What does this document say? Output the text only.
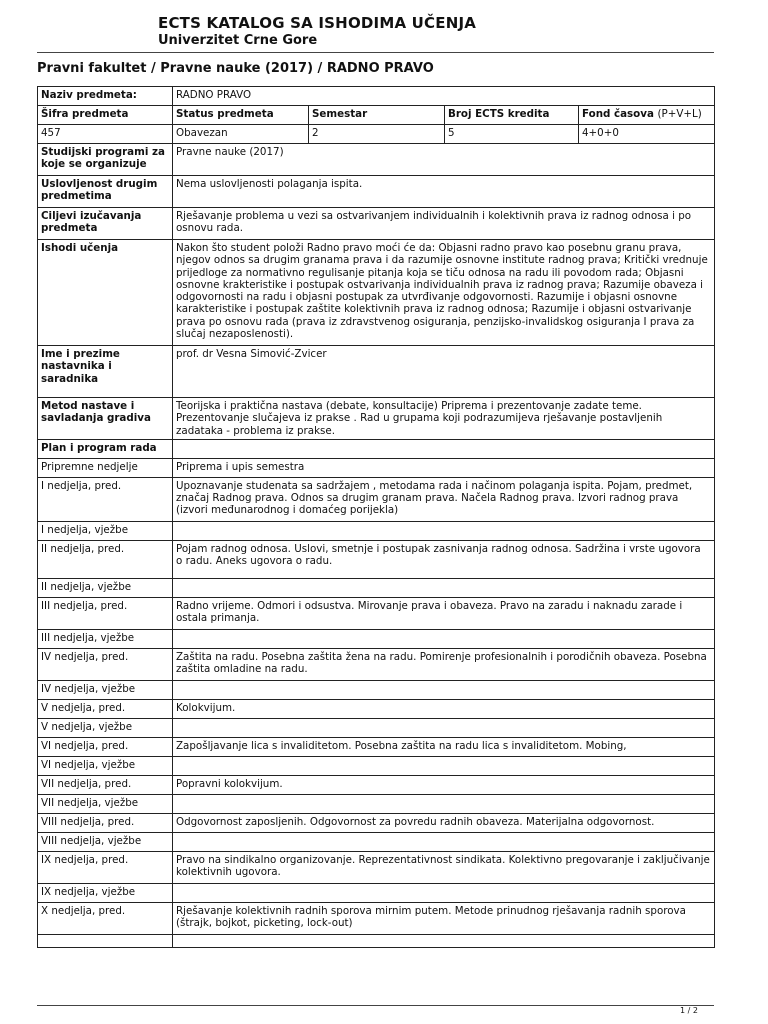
ECTS KATALOG SA ISHODIMA UČENJA
Univerzitet Crne Gore
Pravni fakultet / Pravne nauke (2017) / RADNO PRAVO
Naziv predmeta:	RADNO PRAVO			
Šifra predmeta	Status predmeta	Semestar	Broj ECTS kredita	Fond časova (P+V+L)
457	Obavezan	2	5	4+0+0
Studijski programi za koje se organizuje	Pravne nauke (2017)			
Uslovljenost drugim predmetima	Nema uslovljenosti polaganja ispita.			
Ciljevi izučavanja predmeta	Rješavanje problema u vezi sa ostvarivanjem individualnih i kolektivnih prava iz radnog odnosa i po osnovu rada.			
Ishodi učenja	Nakon što student položi Radno pravo moći će da: Objasni radno pravo kao posebnu granu prava, njegov odnos sa drugim granama prava i da razumije osnovne institute radnog prava; Kritički vrednuje prijedloge za normativno regulisanje pitanja koja se tiču odnosa na radu ili povodom rada; Objasni osnovne krakteristike i postupak ostvarivanja individualnih prava iz radnog prava; Razumije obaveza i odgovornosti na radu i objasni postupak za utvrđivanje odgovornosti. Razumije i objasni osnovne karakteristike i postupak zaštite kolektivnih prava iz radnog odnosa; Razumije i objasni ostvarivanje prava po osnovu rada (prava iz zdravstvenog osiguranja, penzijsko-invalidskog osiguranja I prava za slučaj nezaposlenosti).			
Ime i prezime nastavnika i saradnika	prof. dr Vesna Simović-Zvicer			
Metod nastave i savladanja gradiva	Teorijska i praktična nastava (debate, konsultacije) Priprema i prezentovanje zadate teme. Prezentovanje slučajeva iz prakse . Rad u grupama koji podrazumijeva rješavanje postavljenih zadataka - problema iz prakse.			
Plan i program rada				
Pripremne nedjelje	Priprema i upis semestra			
I nedjelja, pred.	Upoznavanje studenata sa sadržajem , metodama rada i načinom polaganja ispita. Pojam, predmet, značaj Radnog prava. Odnos sa drugim granam prava. Načela Radnog prava. Izvori radnog prava (izvori međunarodnog i domaćeg porijekla)			
I nedjelja, vježbe				
II nedjelja, pred.	Pojam radnog odnosa. Uslovi, smetnje i postupak zasnivanja radnog odnosa. Sadržina i vrste ugovora o radu. Aneks ugovora o radu.			
II nedjelja, vježbe				
III nedjelja, pred.	Radno vrijeme. Odmori i odsustva. Mirovanje prava i obaveza. Pravo na zaradu i naknadu zarade i ostala primanja.			
III nedjelja, vježbe				
IV nedjelja, pred.	Zaštita na radu. Posebna zaštita žena na radu. Pomirenje profesionalnih i porodičnih obaveza. Posebna zaštita omladine na radu.			
IV nedjelja, vježbe				
V nedjelja, pred.	Kolokvijum.			
V nedjelja, vježbe				
VI nedjelja, pred.	Zapošljavanje lica s invaliditetom. Posebna zaštita na radu lica s invaliditetom. Mobing,			
VI nedjelja, vježbe				
VII nedjelja, pred.	Popravni kolokvijum.			
VII nedjelja, vježbe				
VIII nedjelja, pred.	Odgovornost zaposljenih. Odgovornost za povredu radnih obaveza. Materijalna odgovornost.			
VIII nedjelja, vježbe				
IX nedjelja, pred.	Pravo na sindikalno organizovanje. Reprezentativnost sindikata. Kolektivno pregovaranje i zaključivanje kolektivnih ugovora.			
IX nedjelja, vježbe				
X nedjelja, pred.	Rješavanje kolektivnih radnih sporova mirnim putem. Metode prinudnog rješavanja radnih sporova (štrajk, bojkot, picketing, lock-out)			

1 / 2
